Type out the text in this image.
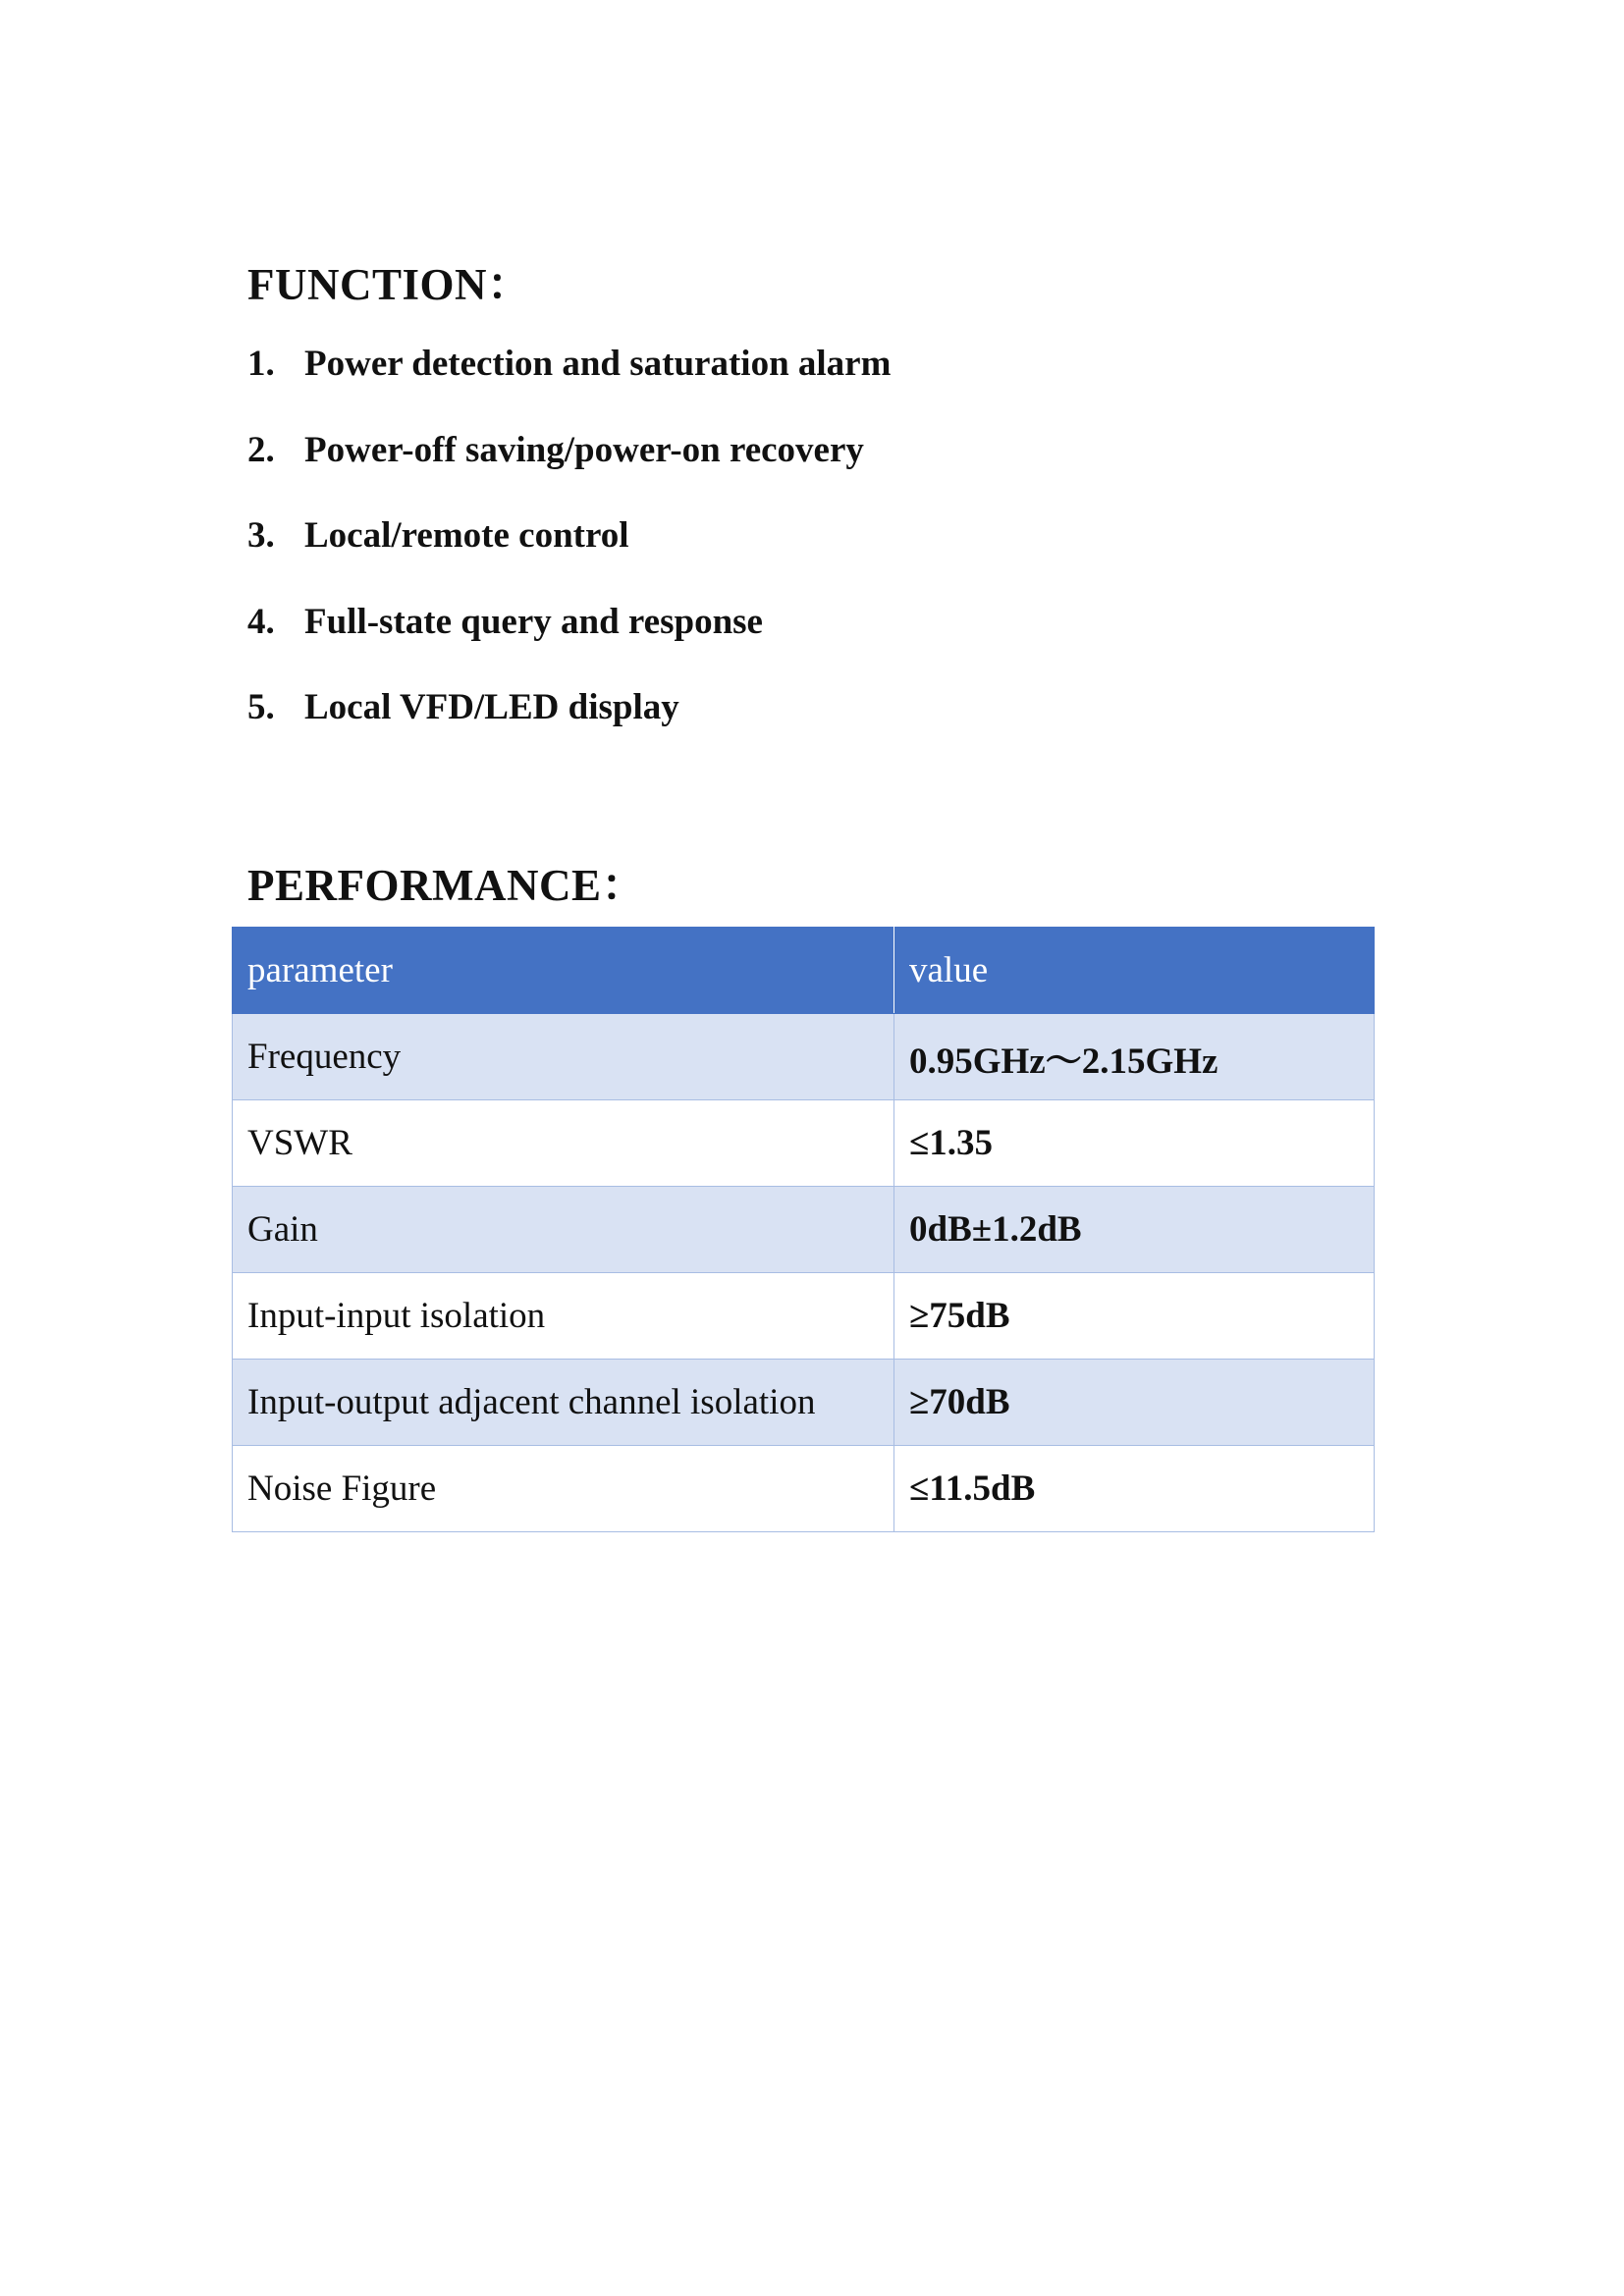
FUNCTION：
1. Power detection and saturation alarm
2. Power-off saving/power-on recovery
3. Local/remote control
4. Full-state query and response
5. Local VFD/LED display
PERFORMANCE：
parameter	value
Frequency	0.95GHz～2.15GHz
VSWR	≤1.35
Gain	0dB±1.2dB
Input-input isolation	≥75dB
Input-output adjacent channel isolation	≥70dB
Noise Figure	≤11.5dB
